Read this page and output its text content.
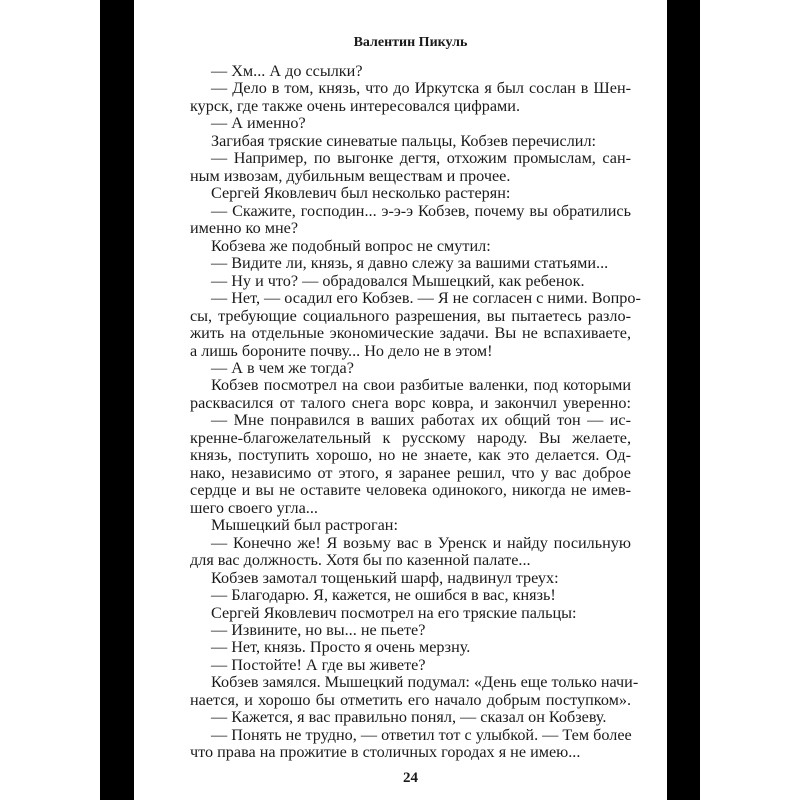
Валентин Пикуль
— Хм... А до ссылки?
— Дело в том, князь, что до Иркутска я был сослан в Шен-
курск, где также очень интересовался цифрами.
— А именно?
Загибая тряские синеватые пальцы, Кобзев перечислил:
— Например, по выгонке дегтя, отхожим промыслам, сан-
ным извозам, дубильным веществам и прочее.
Сергей Яковлевич был несколько растерян:
— Скажите, господин... э-э-э Кобзев, почему вы обратились
именно ко мне?
Кобзева же подобный вопрос не смутил:
— Видите ли, князь, я давно слежу за вашими статьями...
— Ну и что? — обрадовался Мышецкий, как ребенок.
— Нет, — осадил его Кобзев. — Я не согласен с ними. Вопро-
сы, требующие социального разрешения, вы пытаетесь разло-
жить на отдельные экономические задачи. Вы не вспахиваете,
а лишь бороните почву... Но дело не в этом!
— А в чем же тогда?
Кобзев посмотрел на свои разбитые валенки, под которыми
расквасился от талого снега ворс ковра, и закончил уверенно:
— Мне понравился в ваших работах их общий тон — ис-
кренне-благожелательный к русскому народу. Вы желаете,
князь, поступить хорошо, но не знаете, как это делается. Од-
нако, независимо от этого, я заранее решил, что у вас доброе
сердце и вы не оставите человека одинокого, никогда не имев-
шего своего угла...
Мышецкий был растроган:
— Конечно же! Я возьму вас в Уренск и найду посильную
для вас должность. Хотя бы по казенной палате...
Кобзев замотал тощенький шарф, надвинул треух:
— Благодарю. Я, кажется, не ошибся в вас, князь!
Сергей Яковлевич посмотрел на его тряские пальцы:
— Извините, но вы... не пьете?
— Нет, князь. Просто я очень мерзну.
— Постойте! А где вы живете?
Кобзев замялся. Мышецкий подумал: «День еще только начи-
нается, и хорошо бы отметить его начало добрым поступком».
— Кажется, я вас правильно понял, — сказал он Кобзеву.
— Понять не трудно, — ответил тот с улыбкой. — Тем более
что права на прожитие в столичных городах я не имею...
24
